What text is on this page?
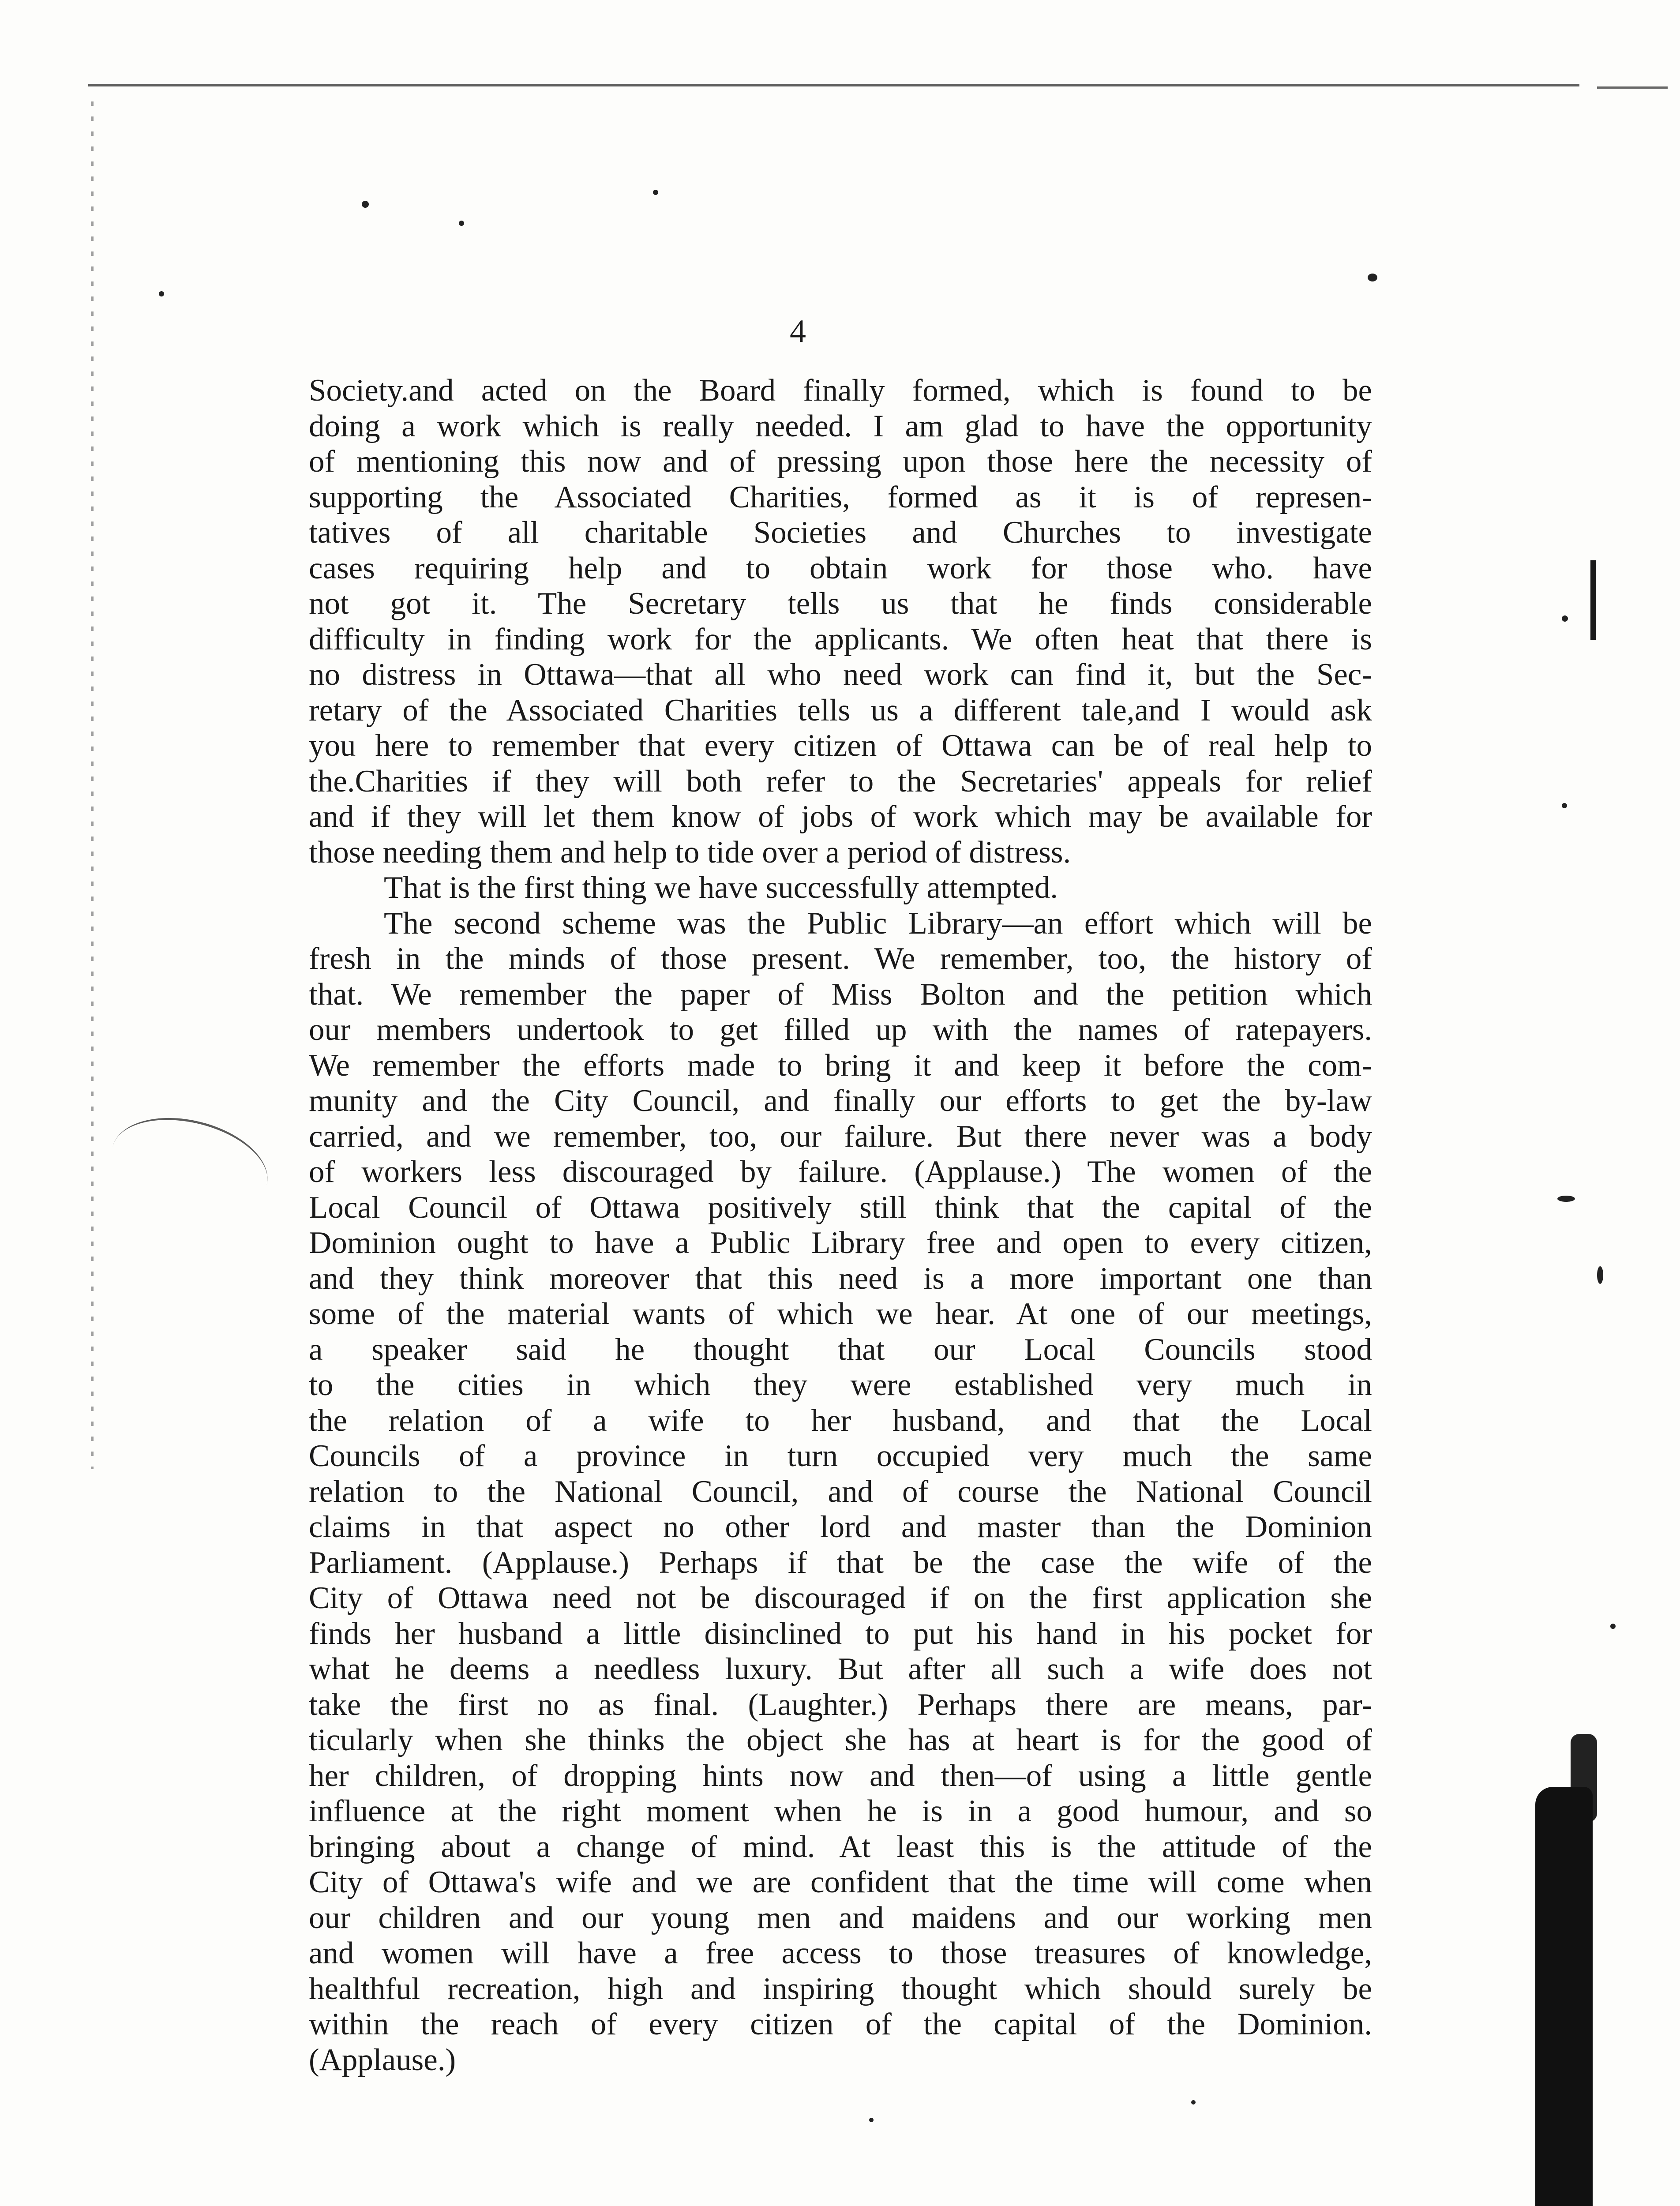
4

Society.and acted on the Board finally formed, which is found to be
doing a work which is really needed. I am glad to have the opportunity
of mentioning this now and of pressing upon those here the necessity of
supporting the Associated Charities, formed as it is of represen-
tatives of all charitable Societies and Churches to investigate
cases requiring help and to obtain work for those who. have
not got it. The Secretary tells us that he finds considerable
difficulty in finding work for the applicants. We often heat that there is
no distress in Ottawa—that all who need work can find it, but the Sec-
retary of the Associated Charities tells us a different tale,and I would ask
you here to remember that every citizen of Ottawa can be of real help to
the.Charities if they will both refer to the Secretaries' appeals for relief
and if they will let them know of jobs of work which may be available for
those needing them and help to tide over a period of distress.

That is the first thing we have successfully attempted.

The second scheme was the Public Library—an effort which will be
fresh in the minds of those present. We remember, too, the history of
that. We remember the paper of Miss Bolton and the petition which
our members undertook to get filled up with the names of ratepayers.
We remember the efforts made to bring it and keep it before the com-
munity and the City Council, and finally our efforts to get the by-law
carried, and we remember, too, our failure. But there never was a body
of workers less discouraged by failure. (Applause.) The women of the
Local Council of Ottawa positively still think that the capital of the
Dominion ought to have a Public Library free and open to every citizen,
and they think moreover that this need is a more important one than
some of the material wants of which we hear. At one of our meetings,
a speaker said he thought that our Local Councils stood
to the cities in which they were established very much in
the relation of a wife to her husband, and that the Local
Councils of a province in turn occupied very much the same
relation to the National Council, and of course the National Council
claims in that aspect no other lord and master than the Dominion
Parliament. (Applause.) Perhaps if that be the case the wife of the
City of Ottawa need not be discouraged if on the first application she
finds her husband a little disinclined to put his hand in his pocket for
what he deems a needless luxury. But after all such a wife does not
take the first no as final. (Laughter.) Perhaps there are means, par-
ticularly when she thinks the object she has at heart is for the good of
her children, of dropping hints now and then—of using a little gentle
influence at the right moment when he is in a good humour, and so
bringing about a change of mind. At least this is the attitude of the
City of Ottawa's wife and we are confident that the time will come when
our children and our young men and maidens and our working men
and women will have a free access to those treasures of knowledge,
healthful recreation, high and inspiring thought which should surely be
within the reach of every citizen of the capital of the Dominion.
(Applause.)
